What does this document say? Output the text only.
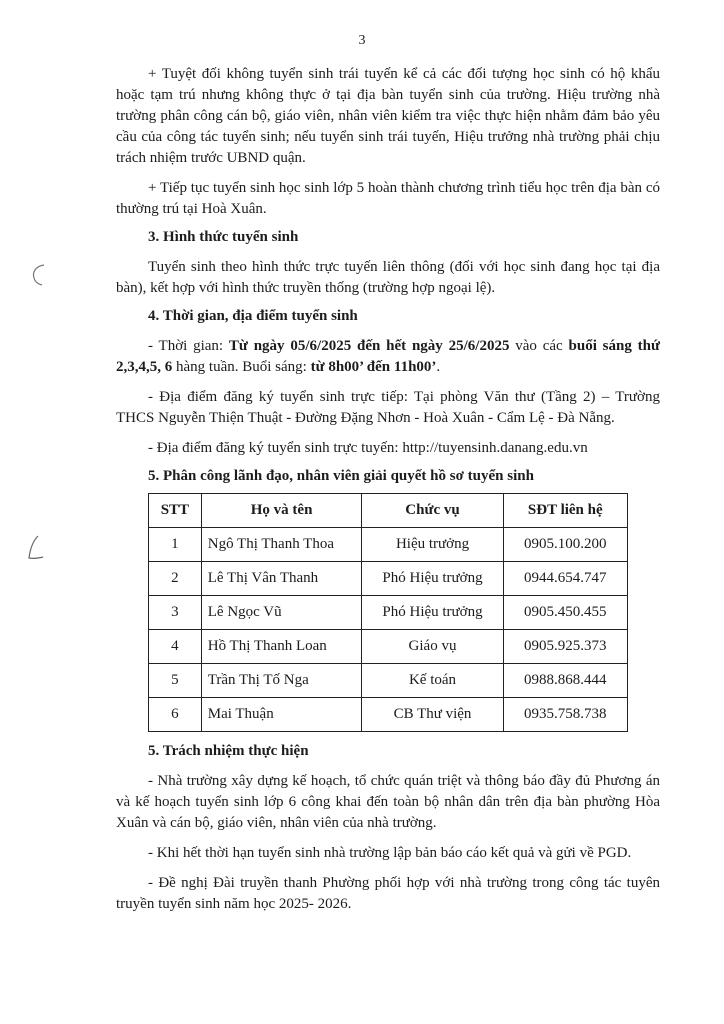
3

+ Tuyệt đối không tuyển sinh trái tuyến kể cả các đối tượng học sinh có hộ khẩu hoặc tạm trú nhưng không thực ở tại địa bàn tuyển sinh của trường. Hiệu trường nhà trường phân công cán bộ, giáo viên, nhân viên kiểm tra việc thực hiện nhằm đảm bảo yêu cầu của công tác tuyển sinh; nếu tuyển sinh trái tuyến, Hiệu trưởng nhà trường phải chịu trách nhiệm trước UBND quận.

+ Tiếp tục tuyển sinh học sinh lớp 5 hoàn thành chương trình tiểu học trên địa bàn có thường trú tại Hoà Xuân.

3. Hình thức tuyển sinh

Tuyển sinh theo hình thức trực tuyến liên thông (đối với học sinh đang học tại địa bàn), kết hợp với hình thức truyền thống (trường hợp ngoại lệ).

4. Thời gian, địa điểm tuyển sinh

- Thời gian: Từ ngày 05/6/2025 đến hết ngày 25/6/2025 vào các buổi sáng thứ 2,3,4,5, 6 hàng tuần. Buổi sáng: từ 8h00’ đến 11h00’.

- Địa điểm đăng ký tuyển sinh trực tiếp: Tại phòng Văn thư (Tầng 2) – Trường THCS Nguyễn Thiện Thuật - Đường Đặng Nhơn - Hoà Xuân - Cẩm Lệ - Đà Nẵng.

- Địa điểm đăng ký tuyển sinh trực tuyến: http://tuyensinh.danang.edu.vn

5. Phân công lãnh đạo, nhân viên giải quyết hồ sơ tuyển sinh

STT	Họ và tên	Chức vụ	SĐT liên hệ
1	Ngô Thị Thanh Thoa	Hiệu trưởng	0905.100.200
2	Lê Thị Vân Thanh	Phó Hiệu trưởng	0944.654.747
3	Lê Ngọc Vũ	Phó Hiệu trưởng	0905.450.455
4	Hồ Thị Thanh Loan	Giáo vụ	0905.925.373
5	Trần Thị Tố Nga	Kế toán	0988.868.444
6	Mai Thuận	CB Thư viện	0935.758.738

5. Trách nhiệm thực hiện

- Nhà trường xây dựng kế hoạch, tổ chức quán triệt và thông báo đầy đủ Phương án và kế hoạch tuyển sinh lớp 6 công khai đến toàn bộ nhân dân trên địa bàn phường Hòa Xuân và cán bộ, giáo viên, nhân viên của nhà trường.

- Khi hết thời hạn tuyển sinh nhà trường lập bản báo cáo kết quả và gửi về PGD.

- Đề nghị Đài truyền thanh Phường phối hợp với nhà trường trong công tác tuyên truyền tuyển sinh năm học 2025- 2026.
